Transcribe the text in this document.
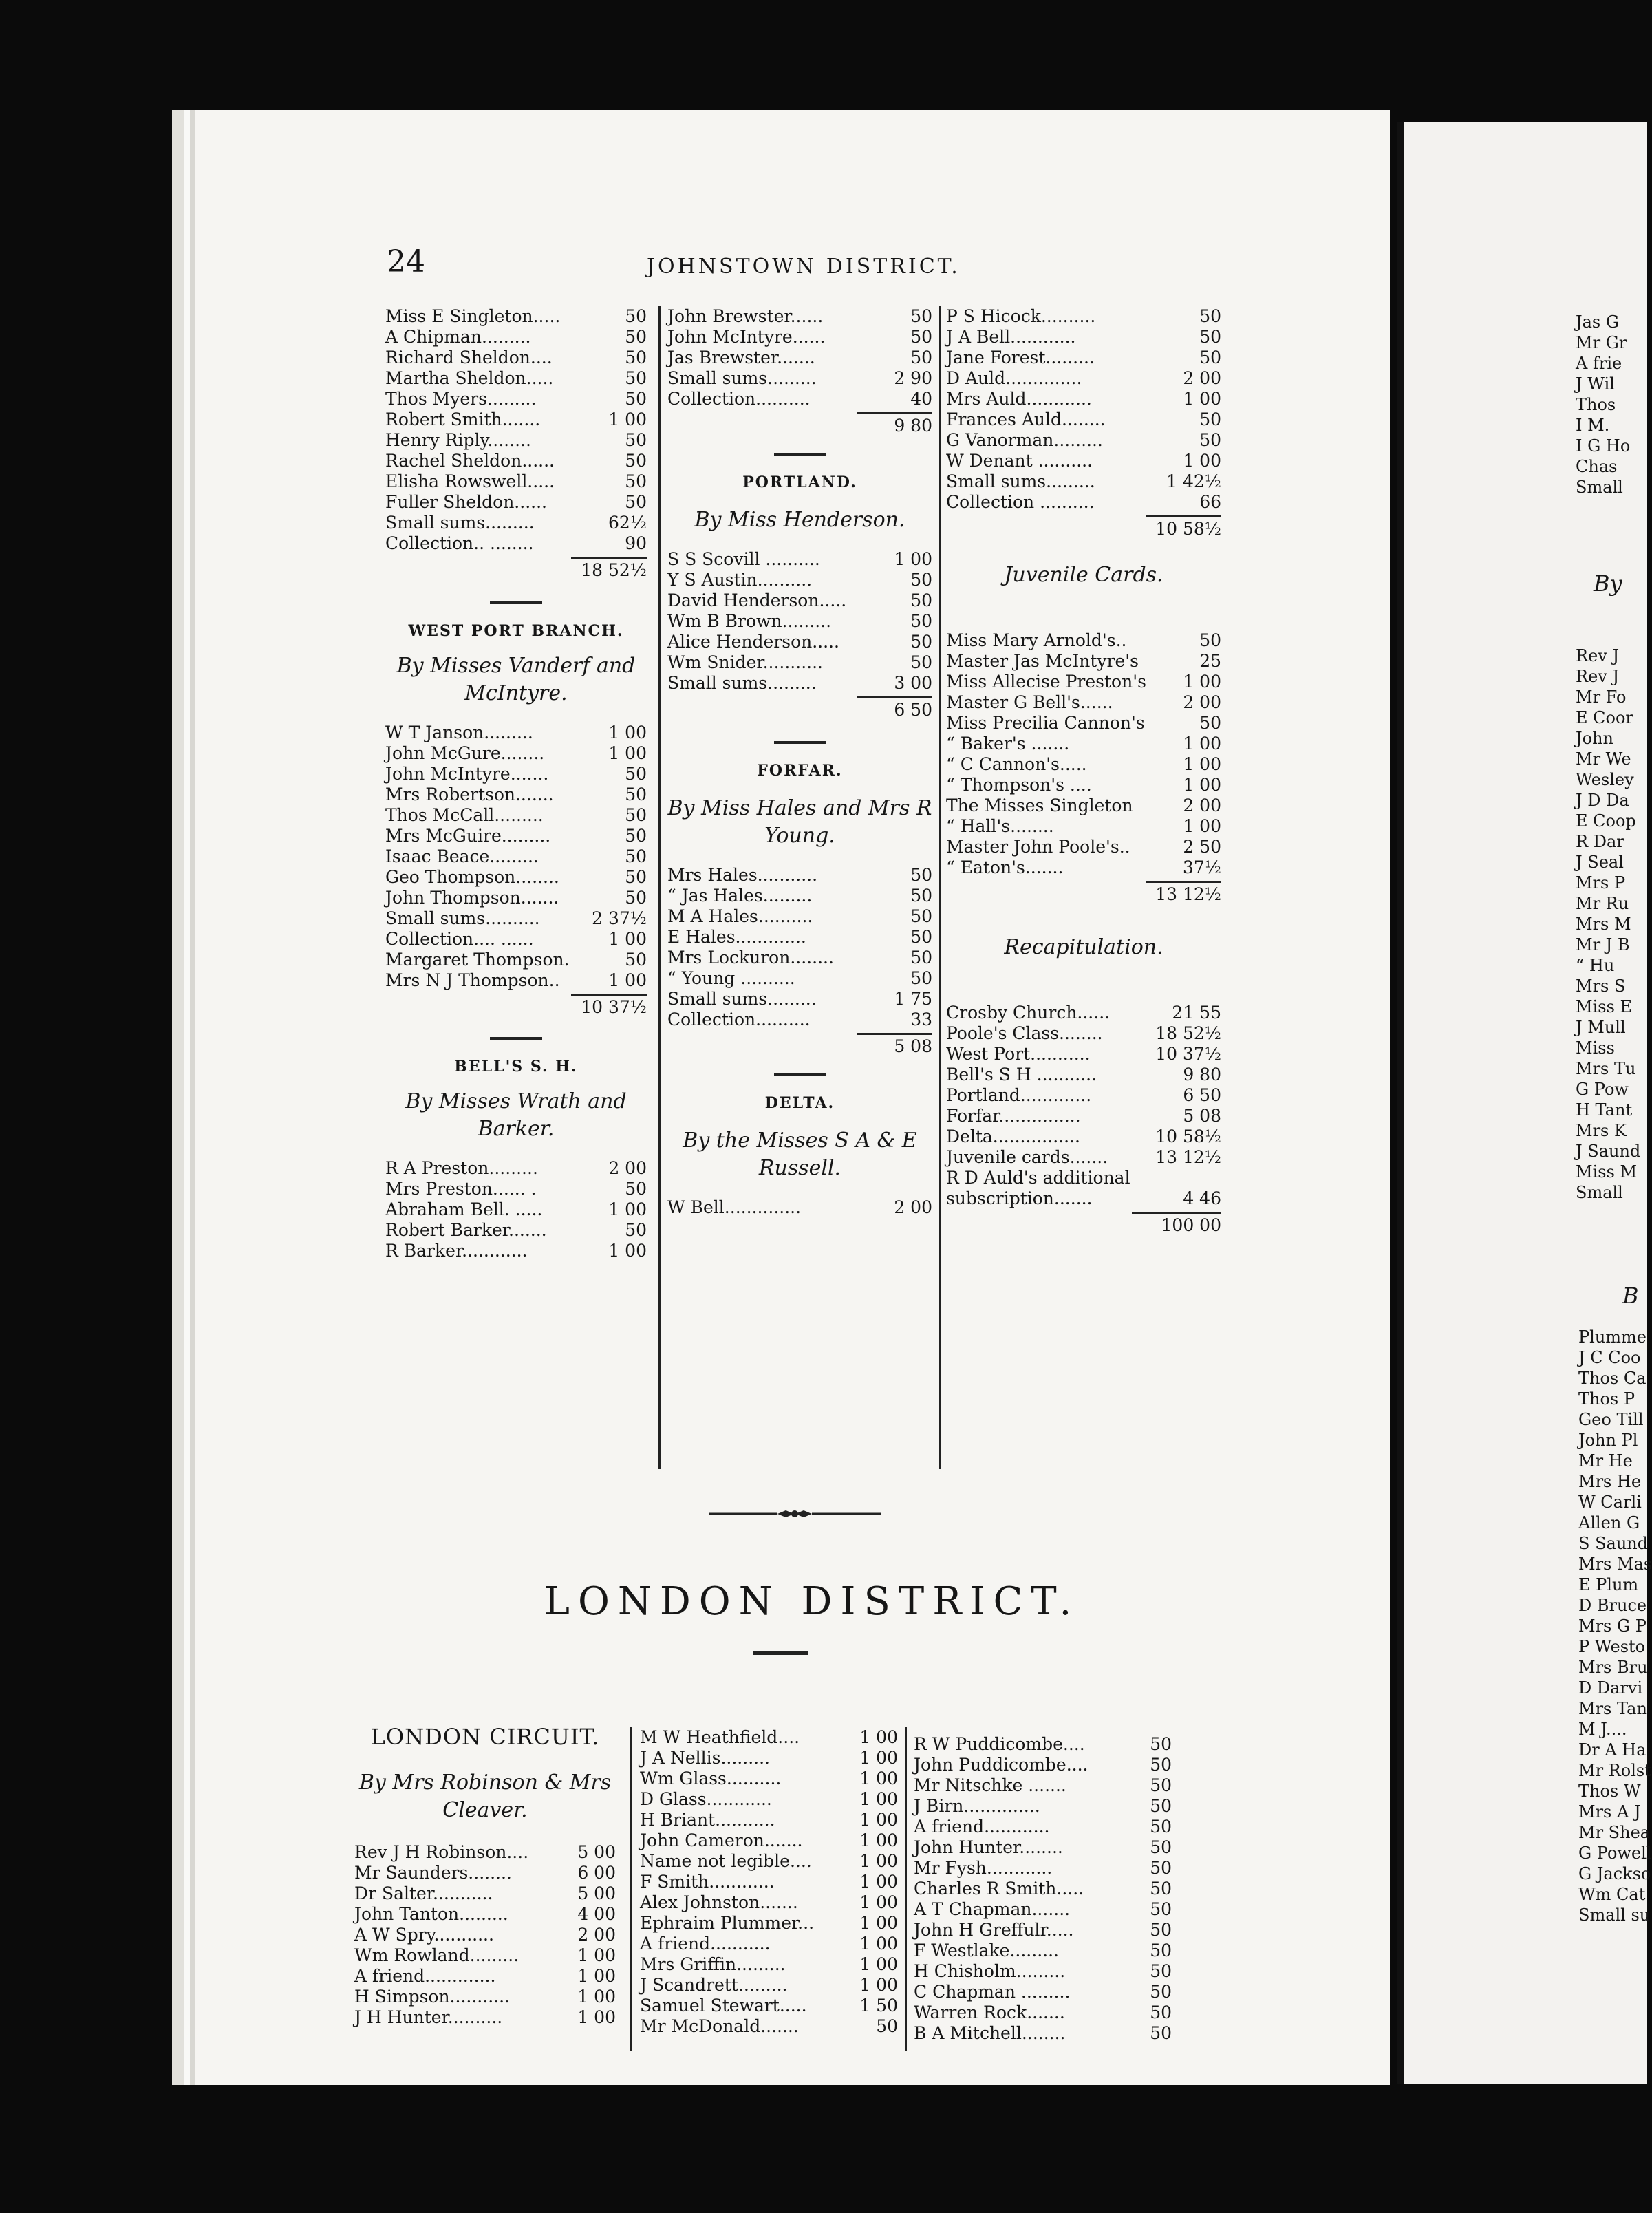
24	JOHNSTOWN DISTRICT.
Miss E Singleton.....	50
A Chipman.........	50
Richard Sheldon....	50
Martha Sheldon.....	50
Thos Myers.........	50
Robert Smith.......	1 00
Henry Riply........	50
Rachel Sheldon......	50
Elisha Rowswell.....	50
Fuller Sheldon......	50
Small sums.........	62½
Collection.. ........	90
18 52½
WEST PORT BRANCH.
By Misses Vanderf and McIntyre.
W T Janson.........	1 00
John McGure........	1 00
John McIntyre.......	50
Mrs Robertson.......	50
Thos McCall.........	50
Mrs McGuire.........	50
Isaac Beace.........	50
Geo Thompson........	50
John Thompson.......	50
Small sums..........	2 37½
Collection.... ......	1 00
Margaret Thompson.	50
Mrs N J Thompson..	1 00
10 37½
BELL'S S. H.
By Misses Wrath and Barker.
R A Preston.........	2 00
Mrs Preston...... .	50
Abraham Bell. .....	1 00
Robert Barker.......	50
R Barker............	1 00
John Brewster......	50
John McIntyre......	50
Jas Brewster.......	50
Small sums.........	2 90
Collection..........	40
9 80
PORTLAND.
By Miss Henderson.
S S Scovill ..........	1 00
Y S Austin..........	50
David Henderson.....	50
Wm B Brown.........	50
Alice Henderson.....	50
Wm Snider...........	50
Small sums.........	3 00
6 50
FORFAR.
By Miss Hales and Mrs R Young.
Mrs Hales...........	50
“ Jas Hales.........	50
M A Hales..........	50
E Hales.............	50
Mrs Lockuron........	50
“ Young ..........	50
Small sums.........	1 75
Collection..........	33
5 08
DELTA.
By the Misses S A & E Russell.
W Bell..............	2 00
P S Hicock..........	50
J A Bell............	50
Jane Forest.........	50
D Auld..............	2 00
Mrs Auld............	1 00
Frances Auld........	50
G Vanorman.........	50
W Denant ..........	1 00
Small sums.........	1 42½
Collection ..........	66
10 58½
Juvenile Cards.
Miss Mary Arnold's..	50
Master Jas McIntyre's	25
Miss Allecise Preston's	1 00
Master G Bell's......	2 00
Miss Precilia Cannon's	50
“ Baker's .......	1 00
“ C Cannon's.....	1 00
“ Thompson's ....	1 00
The Misses Singleton	2 00
“ Hall's........	1 00
Master John Poole's..	2 50
“ Eaton's.......	37½
13 12½
Recapitulation.
Crosby Church......	21 55
Poole's Class........	18 52½
West Port...........	10 37½
Bell's S H ...........	9 80
Portland.............	6 50
Forfar...............	5 08
Delta................	10 58½
Juvenile cards.......	13 12½
R D Auld's additional
subscription.......	4 46
100 00
LONDON DISTRICT.
LONDON CIRCUIT.
By Mrs Robinson & Mrs Cleaver.
Rev J H Robinson....	5 00
Mr Saunders........	6 00
Dr Salter...........	5 00
John Tanton.........	4 00
A W Spry...........	2 00
Wm Rowland.........	1 00
A friend.............	1 00
H Simpson...........	1 00
J H Hunter..........	1 00
M W Heathfield....	1 00
J A Nellis.........	1 00
Wm Glass..........	1 00
D Glass............	1 00
H Briant...........	1 00
John Cameron.......	1 00
Name not legible....	1 00
F Smith............	1 00
Alex Johnston.......	1 00
Ephraim Plummer...	1 00
A friend...........	1 00
Mrs Griffin.........	1 00
J Scandrett.........	1 00
Samuel Stewart.....	1 50
Mr McDonald.......	50
R W Puddicombe....	50
John Puddicombe....	50
Mr Nitschke .......	50
J Birn..............	50
A friend............	50
John Hunter........	50
Mr Fysh............	50
Charles R Smith.....	50
A T Chapman.......	50
John H Greffulr.....	50
F Westlake.........	50
H Chisholm.........	50
C Chapman .........	50
Warren Rock.......	50
B A Mitchell........	50
Jas G
Mr Gr
A frie
J Wil
Thos
I M.
I G Ho
Chas
Small
By
Rev J
Rev J
Mr Fo
E Coor
John
Mr We
Wesley
J D Da
E Coop
R Dar
J Seal
Mrs P
Mr Ru
Mrs M
Mr J B
“ Hu
Mrs S
Miss E
J Mull
Miss
Mrs Tu
G Pow
H Tant
Mrs K
J Saund
Miss M
Small
B
Plumme
J C Coo
Thos Ca
Thos P
Geo Till
John Pl
Mr He
Mrs He
W Carli
Allen G
S Saund
Mrs Mas
E Plum
D Bruce
Mrs G P
P Westo
Mrs Bru
D Darvi
Mrs Tan
M J....
Dr A Ha
Mr Rolst
Thos W
Mrs A J
Mr Shea
G Powell
G Jackso
Wm Cat
Small su
